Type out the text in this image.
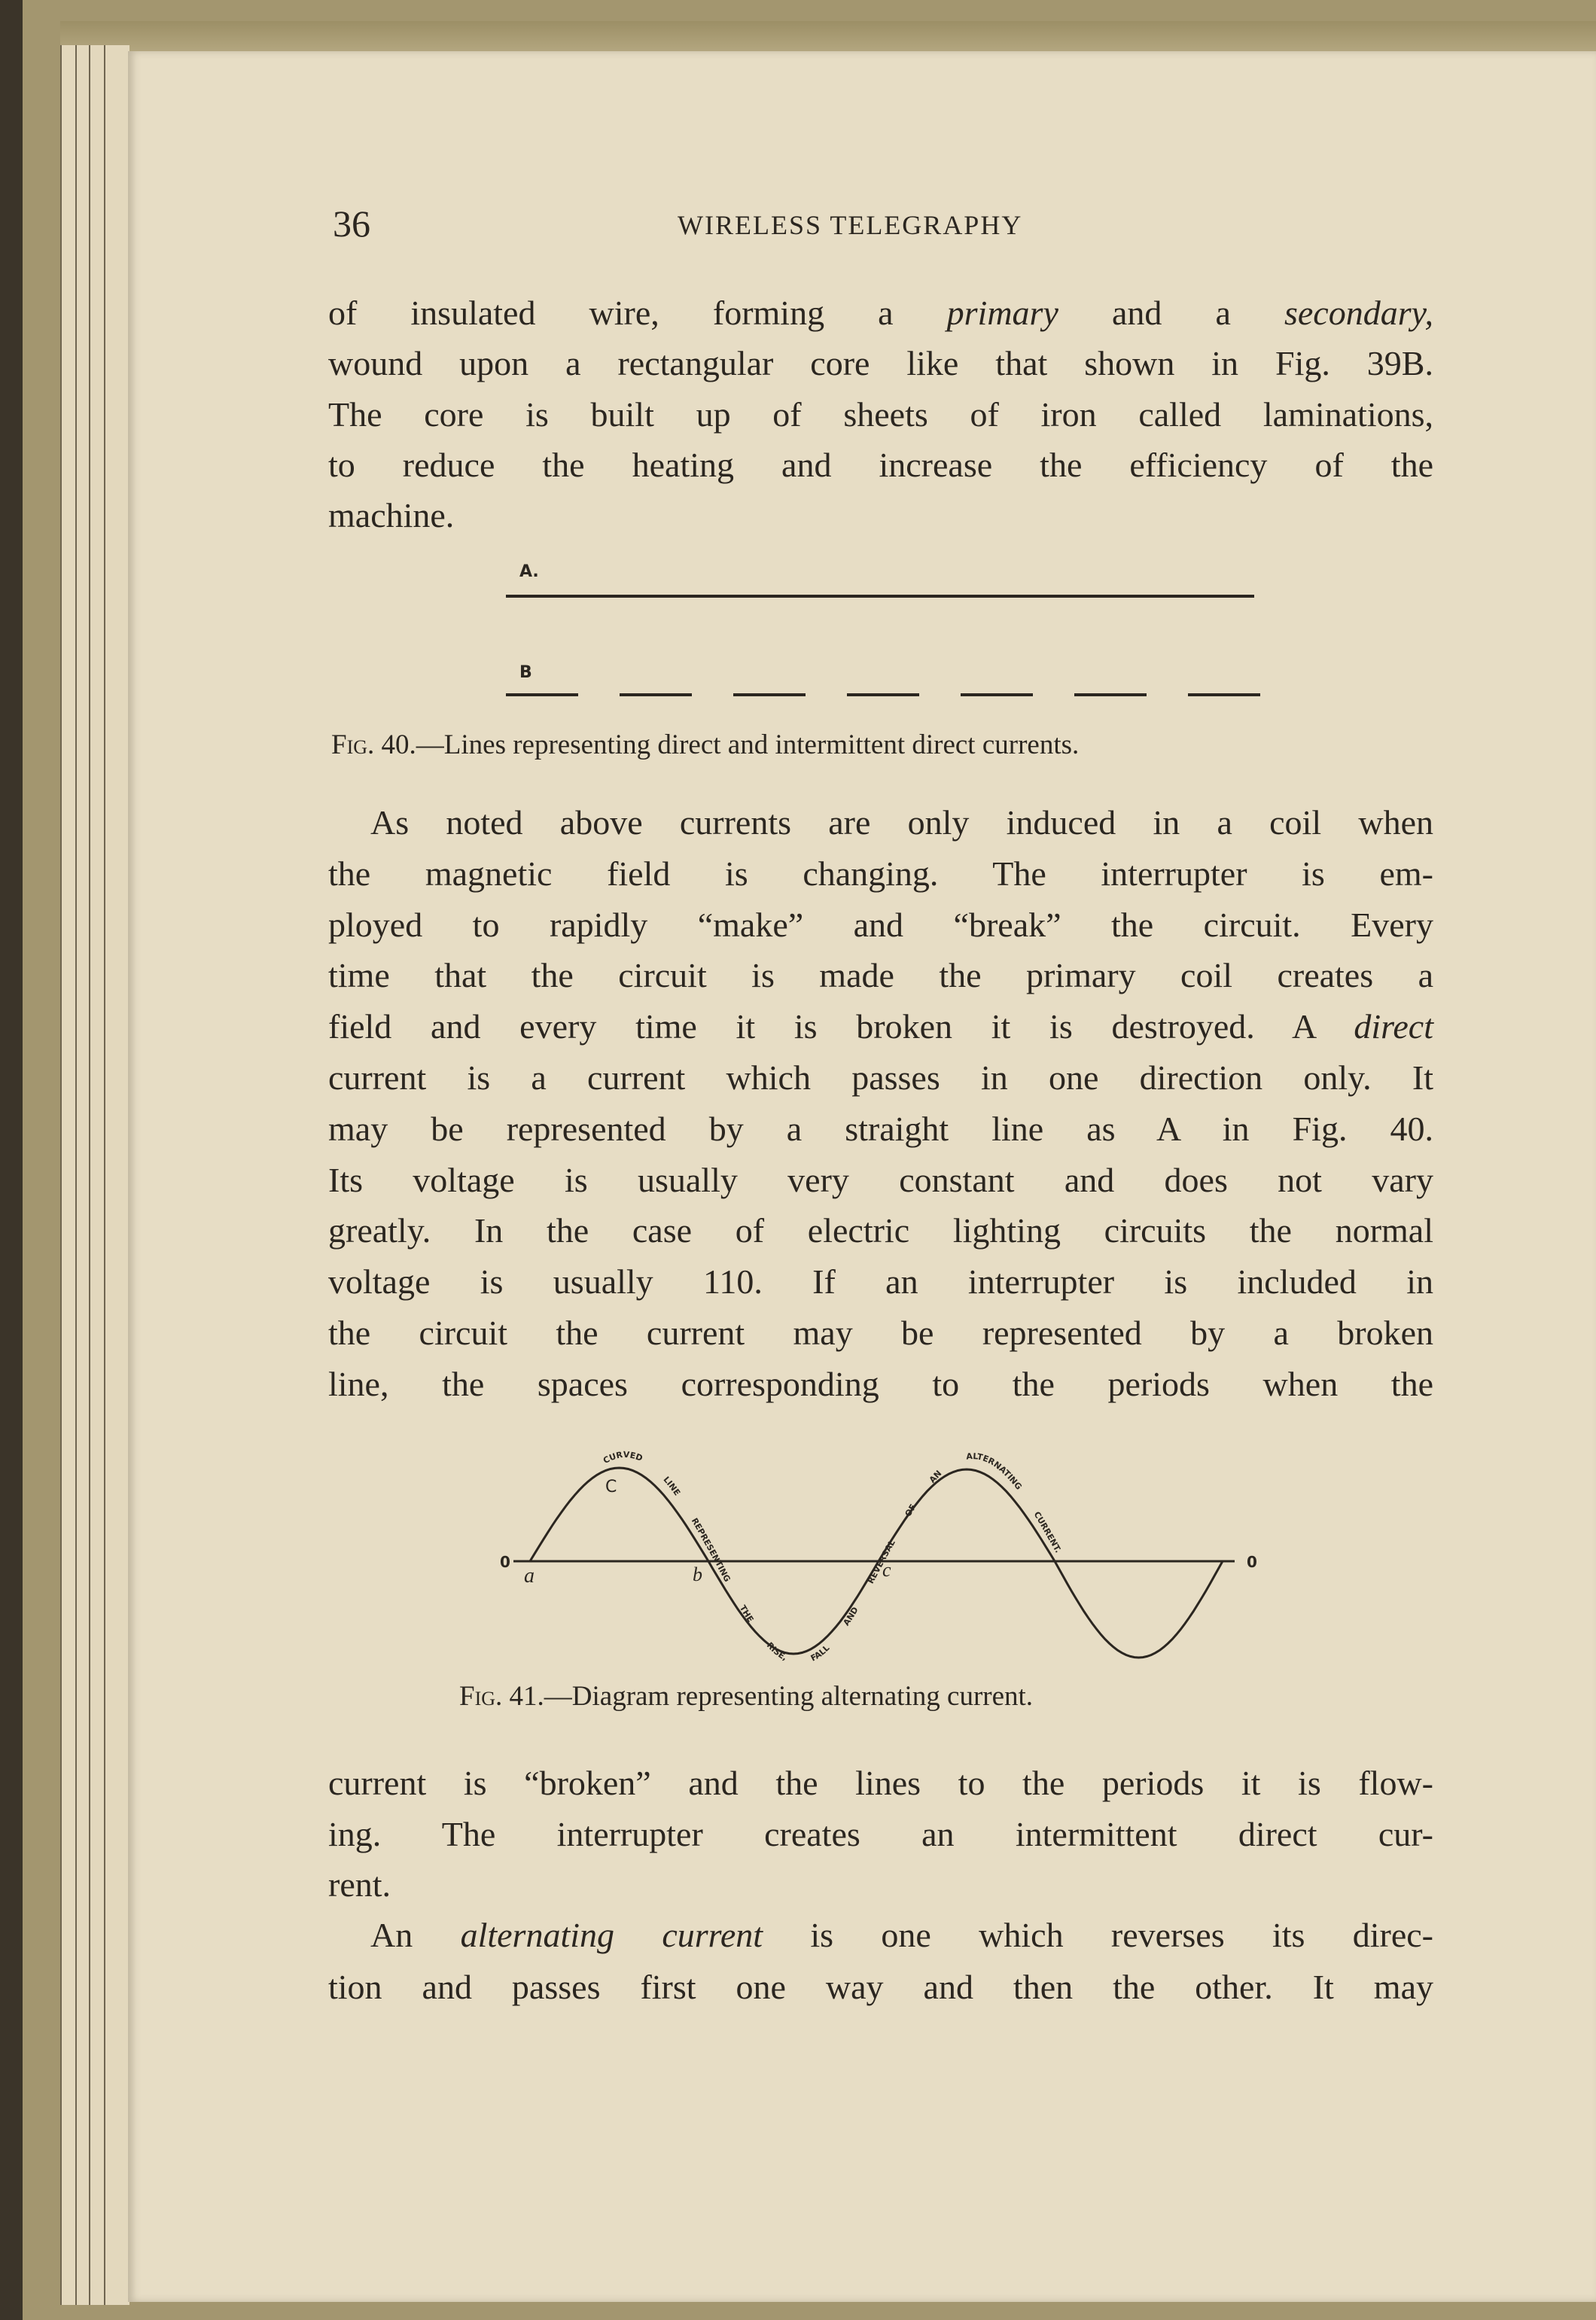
36	WIRELESS TELEGRAPHY
of insulated wire, forming a primary and a secondary,
wound upon a rectangular core like that shown in Fig. 39B.
The core is built up of sheets of iron called laminations,
to reduce the heating and increase the efficiency of the
machine.
As noted above currents are only induced in a coil when
the magnetic field is changing. The interrupter is em-
ployed to rapidly “make” and “break” the circuit. Every
time that the circuit is made the primary coil creates a
field and every time it is broken it is destroyed. A direct
current is a current which passes in one direction only. It
may be represented by a straight line as A in Fig. 40.
Its voltage is usually very constant and does not vary
greatly. In the case of electric lighting circuits the normal
voltage is usually 110. If an interrupter is included in
the circuit the current may be represented by a broken
line, the spaces corresponding to the periods when the
current is “broken” and the lines to the periods it is flow-
ing. The interrupter creates an intermittent direct cur-
rent.
An alternating current is one which reverses its direc-
tion and passes first one way and then the other. It may
A.
B
0	0
CURVED LINE REPRESENTING THE RISE, FALL AND REVERSAL OF AN ALTERNATING CURRENT.
C
a	b	c
Fig. 40.—Lines representing direct and intermittent direct currents.
Fig. 41.—Diagram representing alternating current.
